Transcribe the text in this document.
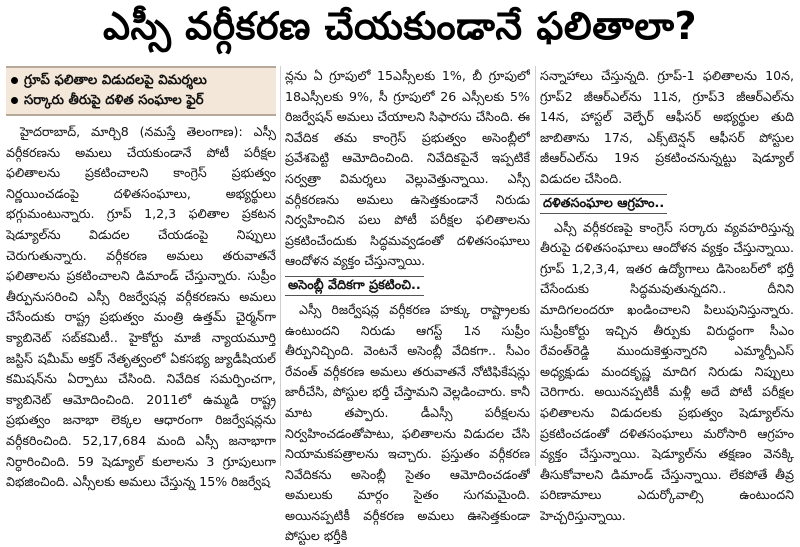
ఎస్సీ వర్గీకరణ చేయకుండానే ఫలితాలా?
గ్రూప్ ఫలితాల విడుదలపై విమర్శలు
సర్కారు తీరుపై దళిత సంఘాల ఫైర్

హైదరాబాద్, మార్చి8 (నమస్తే తెలంగాణ): ఎస్సీ వర్గీకరణను అమలు చేయకుండానే పోటీ పరీక్షల ఫలితాలను ప్రకటించాలని కాంగ్రెస్ ప్రభుత్వం నిర్ణయించడంపై దళితసంఘాలు, అభ్యర్థులు భగ్గుమంటున్నారు. గ్రూప్ 1,2,3 ఫలితాల ప్రకటన షెడ్యూల్‌ను విడుదల చేయడంపై నిప్పులు చెరుగుతున్నారు. వర్గీకరణ అమలు తరువాతనే ఫలితాలను ప్రకటించాలని డిమాండ్ చేస్తున్నారు. సుప్రీం తీర్పునుసరించి ఎస్సీ రిజర్వేషన్ల వర్గీకరణను అమలు చేసేందుకు రాష్ట్ర ప్రభుత్వం మంత్రి ఉత్తమ్ చైర్మన్‌గా క్యాబినెట్ సబ్‌కమిటీ.. హైకోర్టు మాజీ న్యాయమూర్తి జస్టిస్ షమీమ్ అక్తర్ నేతృత్వంలో ఏకసభ్య జ్యుడీషియల్ కమిషన్‌ను ఏర్పాటు చేసింది. నివేదిక సమర్పించగా, క్యాబినెట్ ఆమోదించింది. 2011లో ఉమ్మడి రాష్ట్ర ప్రభుత్వం జనాభా లెక్కల ఆధారంగా రిజర్వేషన్లను వర్గీకరించింది. 52,17,684 మంది ఎస్సీ జనాభాగా నిర్ధారించింది. 59 షెడ్యూల్ కులాలను 3 గ్రూపులుగా విభజించింది. ఎస్సీలకు అమలు చేస్తున్న 15% రిజర్వేష

న్లను ఏ గ్రూపులో 15ఎస్సీలకు 1%, బీ గ్రూపులో 18ఎస్సీలకు 9%, సీ గ్రూపులో 26 ఎస్సీలకు 5% రిజర్వేషన్ అమలు చేయాలని సిఫారసు చేసింది. ఈ నివేదిక తమ కాంగ్రెస్ ప్రభుత్వం అసెంబ్లీలో ప్రవేశపెట్టి ఆమోదించింది. నివేదికపైనే ఇప్పటికే సర్వత్రా విమర్శలు వెల్లువెత్తున్నాయి. ఎస్సీ వర్గీకరణను అమలు ఉసెత్తకుండానే నిరుడు నిర్వహించిన పలు పోటీ పరీక్షల ఫలితాలను ప్రకటించేందుకు సిద్ధమవ్వడంతో దళితసంఘాలు ఆందోళన వ్యక్తం చేస్తున్నాయి.

అసెంబ్లీ వేదికగా ప్రకటించి..

ఎస్సీ రిజర్వేషన్ల వర్గీకరణ హక్కు రాష్ట్రాలకు ఉంటుందని నిరుడు ఆగస్ట్ 1న సుప్రీం తీర్పునిచ్చింది. వెంటనే అసెంబ్లీ వేదికగా.. సీఎం రేవంత్ వర్గీకరణ అమలు తరువాతనే నోటిఫికేషన్లు జారీచేసి, పోస్టుల భర్తీ చేస్తామని వెల్లడించారు. కానీ మాట తప్పారు. డీఎస్సీ పరీక్షలను నిర్వహించడంతోపాటు, ఫలితాలను విడుదల చేసి నియామకపత్రాలను ఇచ్చారు. ప్రస్తుతం వర్గీకరణ నివేదికను అసెంబ్లీ సైతం ఆమోదించడంతో అమలుకు మార్గం సైతం సుగమమైంది. అయినప్పటికీ వర్గీకరణ అమలు ఊసెత్తకుండా పోస్టుల భర్తీకి

సన్నాహాలు చేస్తున్నది. గ్రూప్-1 ఫలితాలను 10న, గ్రూప్2 జీఆర్ఎల్‌ను 11న, గ్రూప్3 జీఆర్ఎల్‌ను 14న, హాస్టల్ వెల్ఫేర్ ఆఫీసర్ అభ్యర్థుల తుది జాబితాను 17న, ఎక్స్‌టెన్షన్ ఆఫీసర్ పోస్టుల జీఆర్ఎల్‌ను 19న ప్రకటించనున్నట్టు షెడ్యూల్ విడుదల చేసింది.

దళితసంఘాల ఆగ్రహం..

ఎస్సీ వర్గీకరణపై కాంగ్రెస్ సర్కారు వ్యవహరిస్తున్న తీరుపై దళితసంఘాలు ఆందోళన వ్యక్తం చేస్తున్నాయి. గ్రూప్ 1,2,3,4, ఇతర ఉద్యోగాలు డిసెంబర్‌లో భర్తీ చేసేందుకు సిద్ధమవుతున్నదని.. దీనిని మాదిగలందరూ ఖండించాలని పిలుపునిస్తున్నారు. సుప్రీంకోర్టు ఇచ్చిన తీర్పుకు విరుద్ధంగా సీఎం రేవంత్‌రెడ్డి ముందుకెళ్తున్నారని ఎమ్మార్పీఎస్ అధ్యక్షుడు మందకృష్ణ మాదిగ నిరుడు నిప్పులు చెరిగారు. అయినప్పటికీ మళ్లీ అదే పోటీ పరీక్షల ఫలితాలను విడుదలకు ప్రభుత్వం షెడ్యూల్‌ను ప్రకటించడంతో దళితసంఘాలు మరోసారి ఆగ్రహం వ్యక్తం చేస్తున్నాయి. షెడ్యూల్‌ను తక్షణం వెనక్కి తీసుకోవాలని డిమాండ్ చేస్తున్నాయి. లేకపోతే తీవ్ర పరిణామాలు ఎదుర్కోవాల్సి ఉంటుందని హెచ్చరిస్తున్నాయి.
